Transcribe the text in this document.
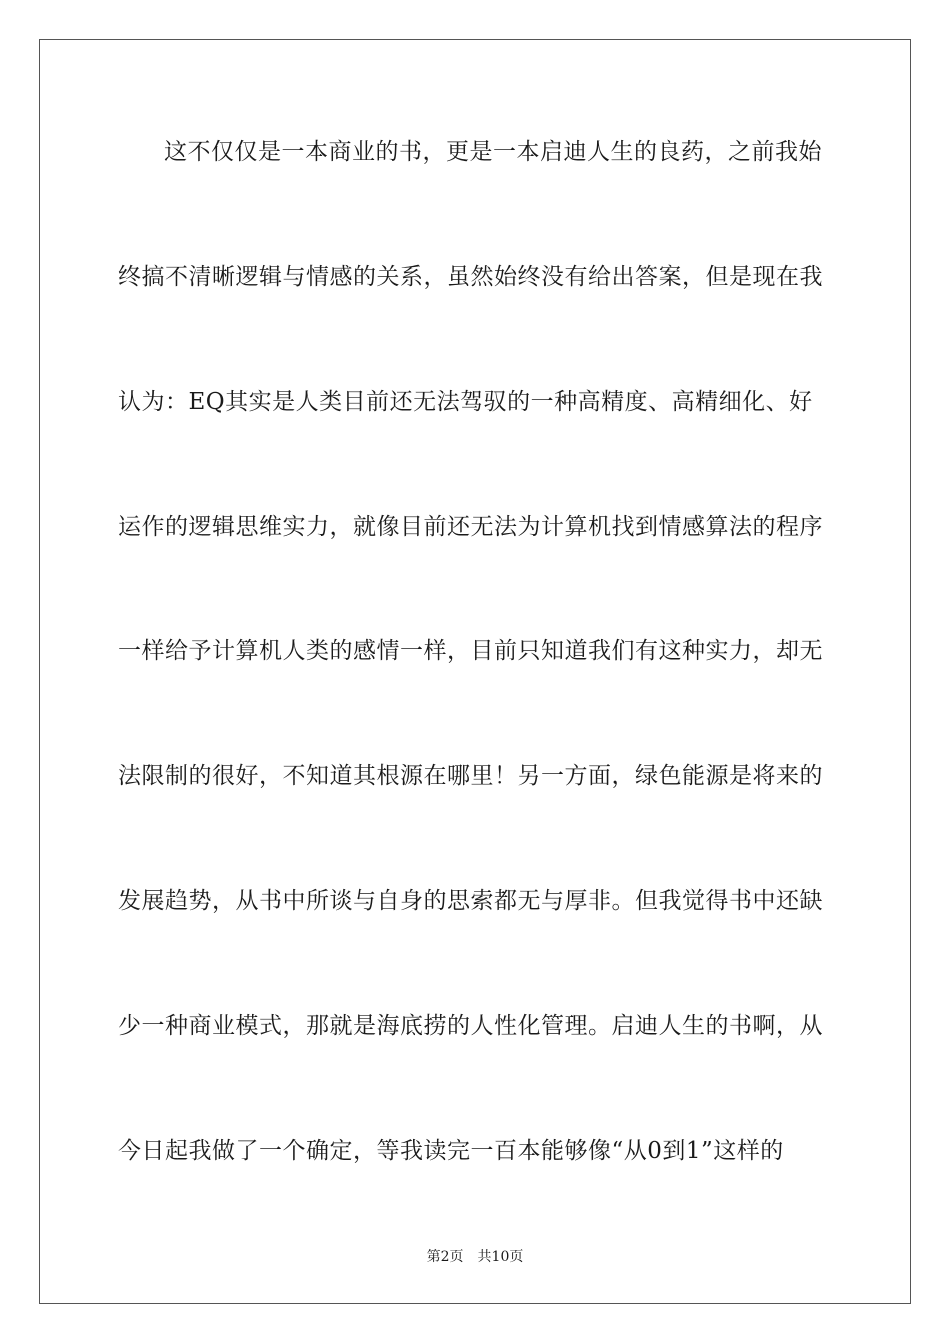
这不仅仅是一本商业的书，更是一本启迪人生的良药，之前我始
终搞不清晰逻辑与情感的关系，虽然始终没有给出答案，但是现在我
认为：EQ其实是人类目前还无法驾驭的一种高精度、高精细化、好
运作的逻辑思维实力，就像目前还无法为计算机找到情感算法的程序
一样给予计算机人类的感情一样，目前只知道我们有这种实力，却无
法限制的很好，不知道其根源在哪里！另一方面，绿色能源是将来的
发展趋势，从书中所谈与自身的思索都无与厚非。但我觉得书中还缺
少一种商业模式，那就是海底捞的人性化管理。启迪人生的书啊，从
今日起我做了一个确定，等我读完一百本能够像“从0到1”这样的
第2页 共10页
